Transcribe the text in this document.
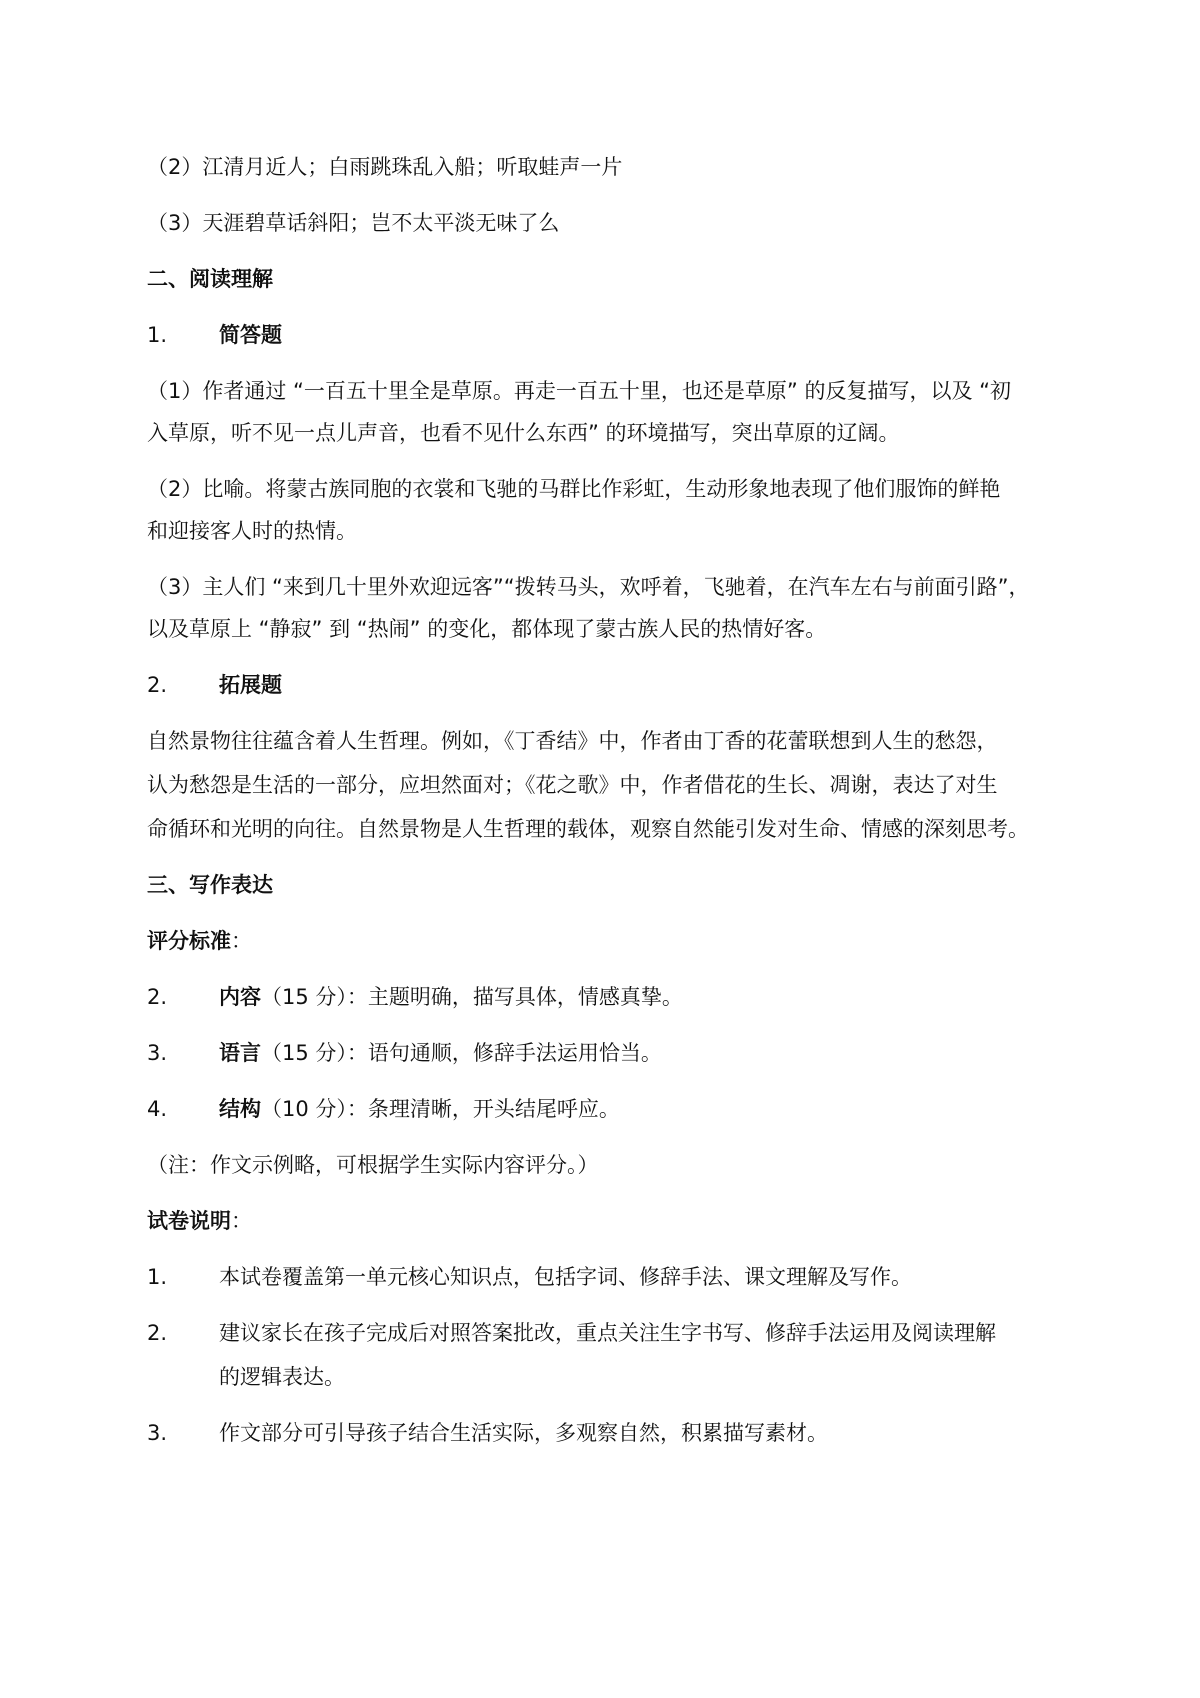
（2）江清月近人；白雨跳珠乱入船；听取蛙声一片
（3）天涯碧草话斜阳；岂不太平淡无味了么
二、阅读理解
1. 简答题
（1）作者通过 “一百五十里全是草原。再走一百五十里，也还是草原” 的反复描写，以及 “初
入草原，听不见一点儿声音，也看不见什么东西” 的环境描写，突出草原的辽阔。
（2）比喻。将蒙古族同胞的衣裳和飞驰的马群比作彩虹，生动形象地表现了他们服饰的鲜艳
和迎接客人时的热情。
（3）主人们 “来到几十里外欢迎远客”“拨转马头，欢呼着，飞驰着，在汽车左右与前面引路”，
以及草原上 “静寂” 到 “热闹” 的变化，都体现了蒙古族人民的热情好客。
2. 拓展题
自然景物往往蕴含着人生哲理。例如，《丁香结》中，作者由丁香的花蕾联想到人生的愁怨，
认为愁怨是生活的一部分，应坦然面对；《花之歌》中，作者借花的生长、凋谢，表达了对生
命循环和光明的向往。自然景物是人生哲理的载体，观察自然能引发对生命、情感的深刻思考。
三、写作表达
评分标准：
2. 内容（15 分）：主题明确，描写具体，情感真挚。
3. 语言（15 分）：语句通顺，修辞手法运用恰当。
4. 结构（10 分）：条理清晰，开头结尾呼应。
（注：作文示例略，可根据学生实际内容评分。）
试卷说明：
1. 本试卷覆盖第一单元核心知识点，包括字词、修辞手法、课文理解及写作。
2. 建议家长在孩子完成后对照答案批改，重点关注生字书写、修辞手法运用及阅读理解
的逻辑表达。
3. 作文部分可引导孩子结合生活实际，多观察自然，积累描写素材。
